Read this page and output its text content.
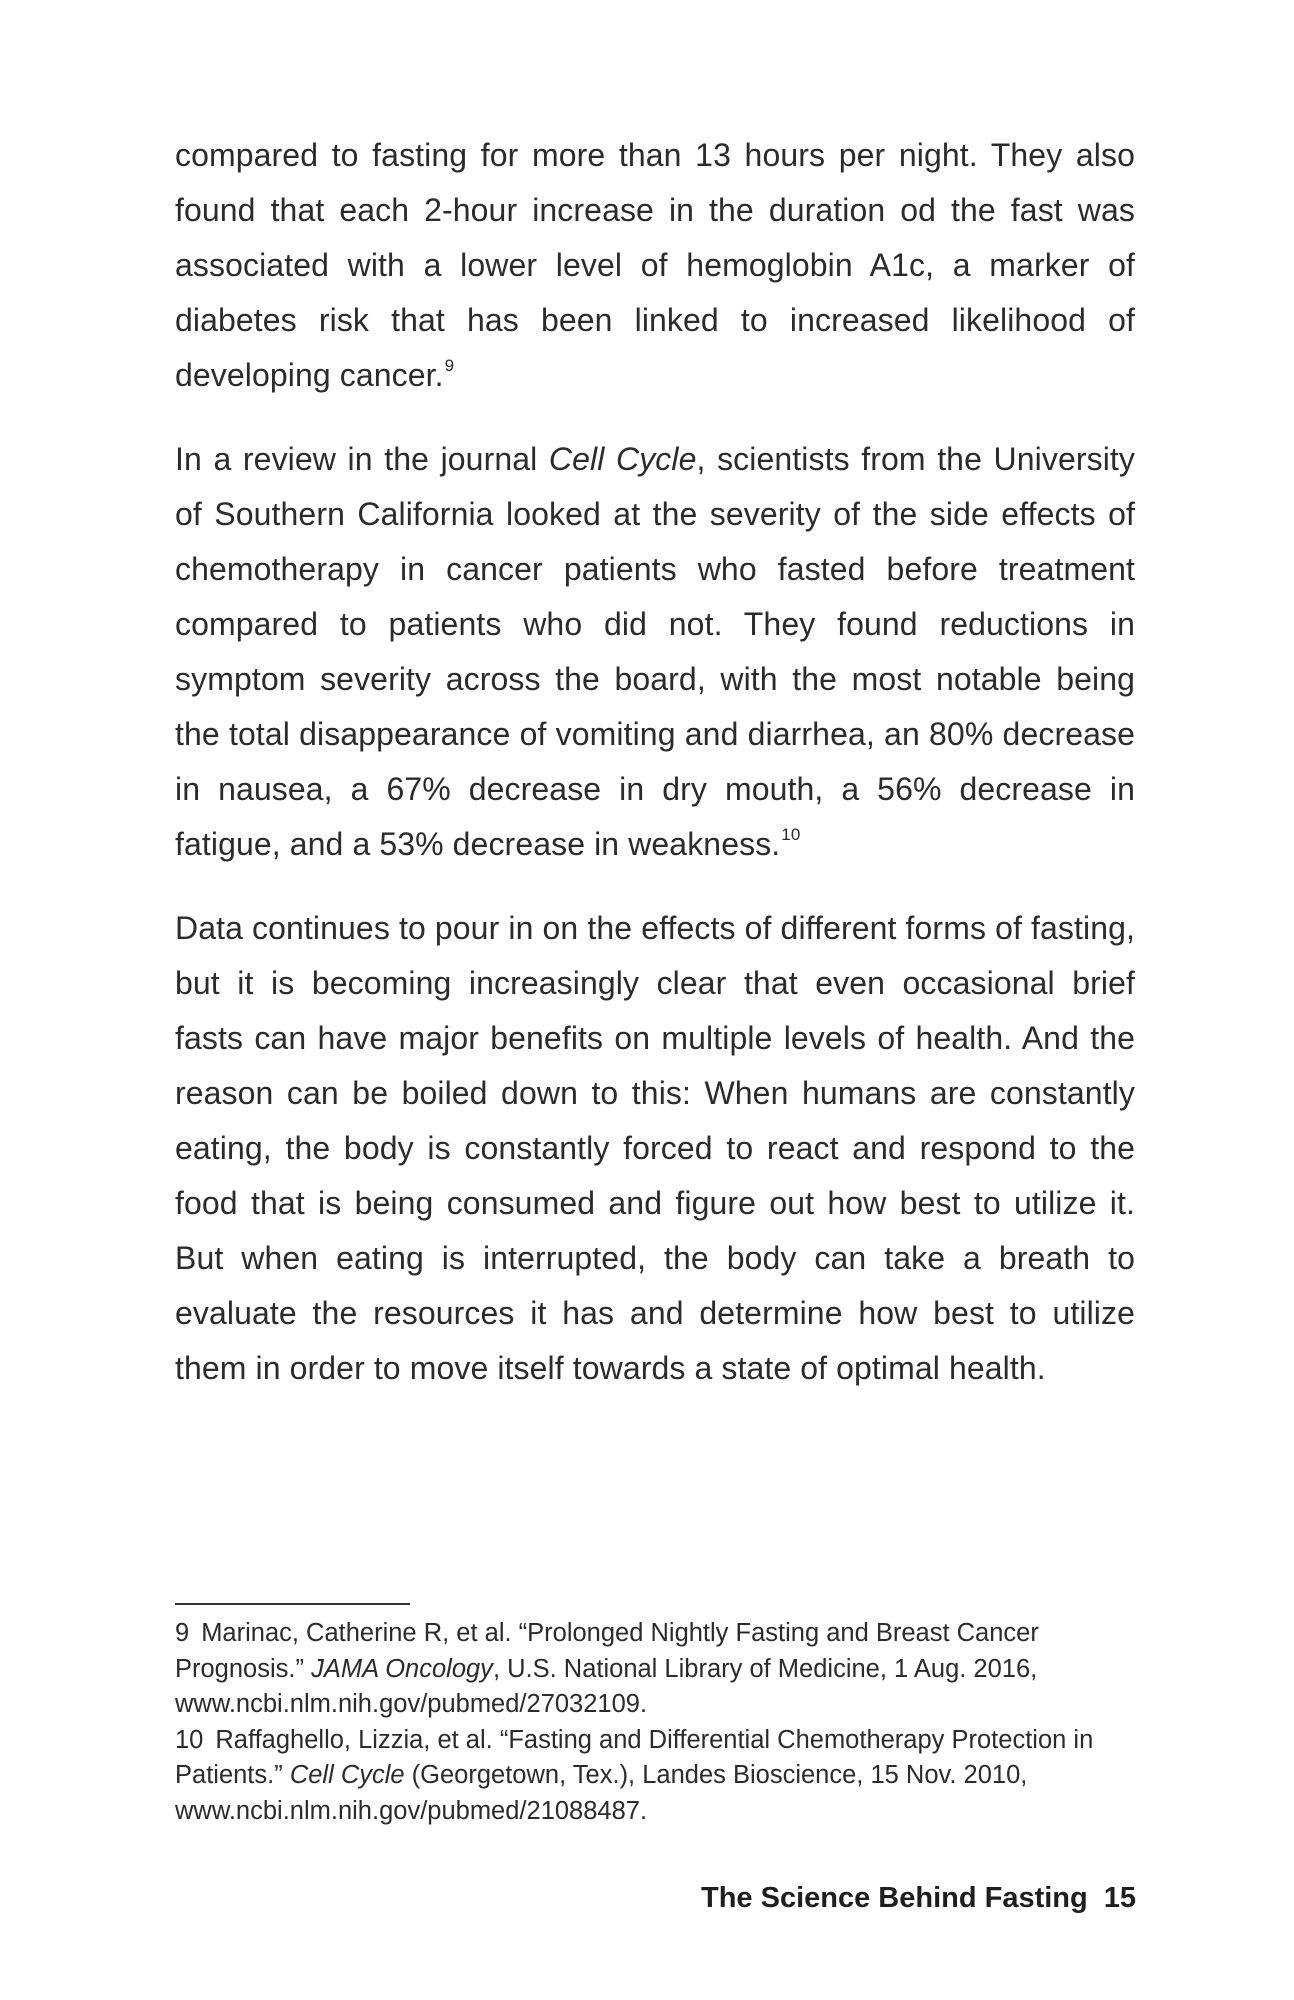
compared to fasting for more than 13 hours per night. They also found that each 2-hour increase in the duration od the fast was associated with a lower level of hemoglobin A1c, a marker of diabetes risk that has been linked to increased likelihood of developing cancer.$^9$

In a review in the journal Cell Cycle, scientists from the University of Southern California looked at the severity of the side effects of chemotherapy in cancer patients who fasted before treatment compared to patients who did not. They found reductions in symptom severity across the board, with the most notable being the total disappearance of vomiting and diarrhea, an 80% decrease in nausea, a 67% decrease in dry mouth, a 56% decrease in fatigue, and a 53% decrease in weakness.$^{10}$

Data continues to pour in on the effects of different forms of fasting, but it is becoming increasingly clear that even occasional brief fasts can have major benefits on multiple levels of health. And the reason can be boiled down to this: When humans are constantly eating, the body is constantly forced to react and respond to the food that is being consumed and figure out how best to utilize it. But when eating is interrupted, the body can take a breath to evaluate the resources it has and determine how best to utilize them in order to move itself towards a state of optimal health.

9 Marinac, Catherine R, et al. “Prolonged Nightly Fasting and Breast Cancer Prognosis.” JAMA Oncology, U.S. National Library of Medicine, 1 Aug. 2016, www.ncbi.nlm.nih.gov/pubmed/27032109.

10 Raffaghello, Lizzia, et al. “Fasting and Differential Chemotherapy Protection in Patients.” Cell Cycle (Georgetown, Tex.), Landes Bioscience, 15 Nov. 2010, www.ncbi.nlm.nih.gov/pubmed/21088487.

The Science Behind Fasting 15
